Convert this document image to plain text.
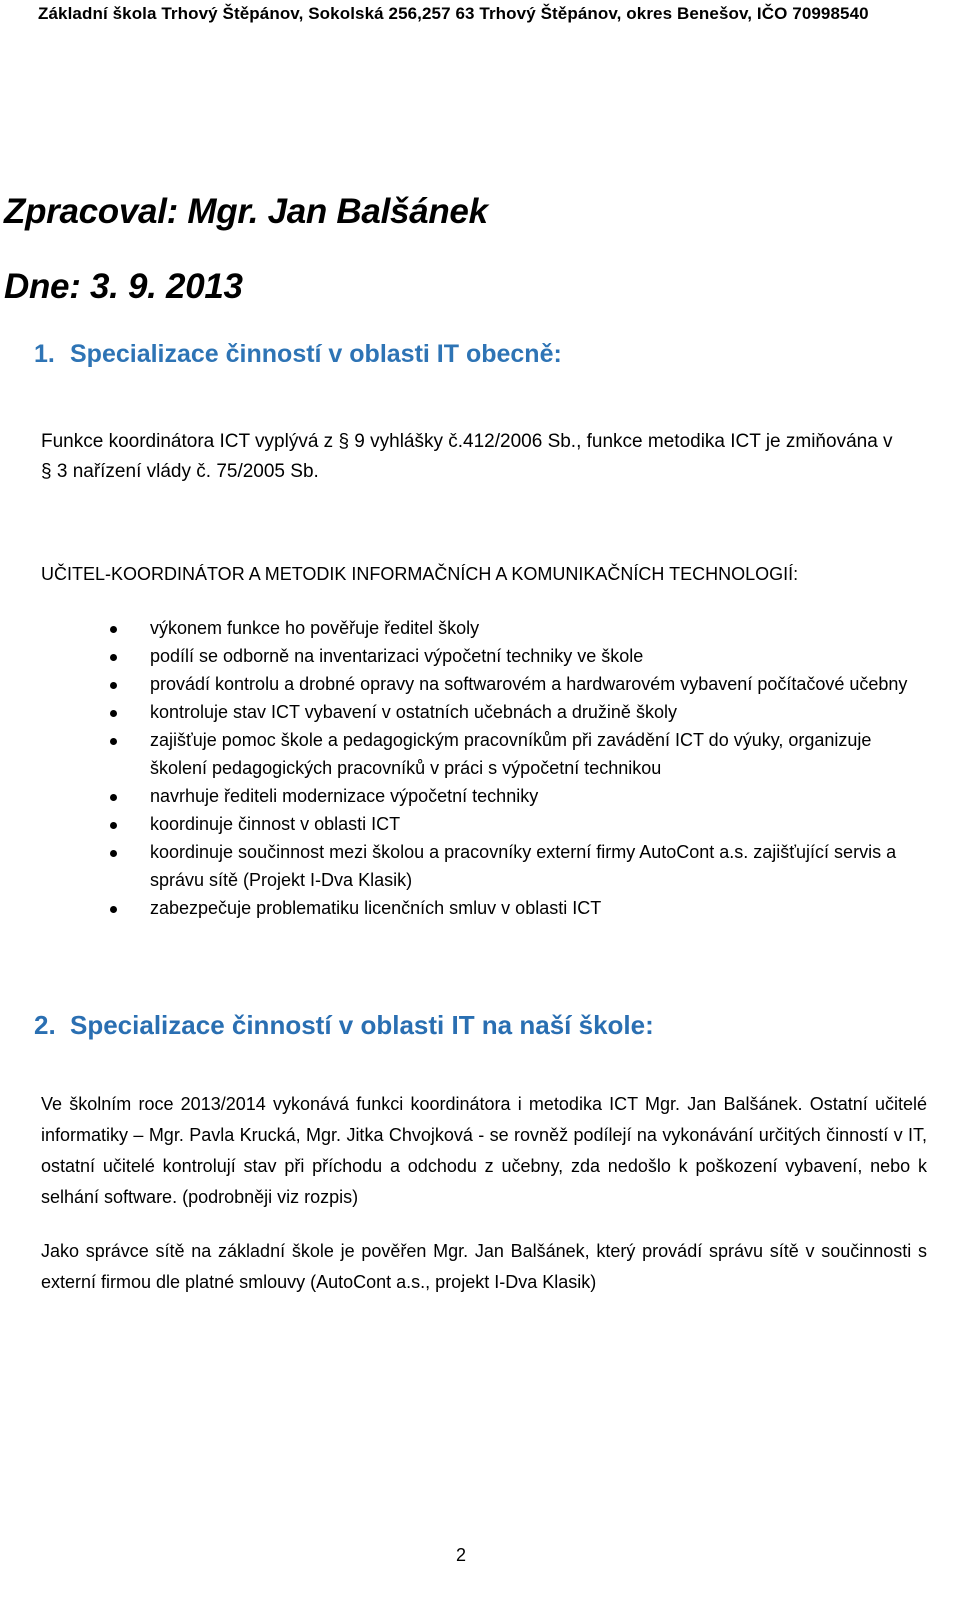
Základní škola Trhový Štěpánov, Sokolská 256,257 63 Trhový Štěpánov, okres Benešov, IČO 70998540
Zpracoval: Mgr. Jan Balšánek
Dne: 3. 9. 2013
1. Specializace činností v oblasti IT obecně:
Funkce koordinátora ICT vyplývá z § 9 vyhlášky č.412/2006 Sb., funkce metodika ICT je zmiňována v § 3 nařízení vlády č. 75/2005 Sb.
UČITEL-KOORDINÁTOR A METODIK INFORMAČNÍCH A KOMUNIKAČNÍCH TECHNOLOGIÍ:
výkonem funkce ho pověřuje ředitel školy
podílí se odborně na inventarizaci výpočetní techniky ve škole
provádí kontrolu a drobné opravy na softwarovém a hardwarovém vybavení počítačové učebny
kontroluje stav ICT vybavení v ostatních učebnách a družině školy
zajišťuje pomoc škole a pedagogickým pracovníkům při zavádění ICT do výuky, organizuje školení pedagogických pracovníků v práci s výpočetní technikou
navrhuje řediteli modernizace výpočetní techniky
koordinuje činnost v oblasti ICT
koordinuje součinnost mezi školou a pracovníky externí firmy AutoCont a.s. zajišťující servis a správu sítě (Projekt I-Dva Klasik)
zabezpečuje problematiku licenčních smluv v oblasti ICT
2. Specializace činností v oblasti IT na naší škole:

Ve školním roce 2013/2014 vykonává funkci koordinátora i metodika ICT Mgr. Jan Balšánek. Ostatní učitelé informatiky – Mgr. Pavla Krucká, Mgr. Jitka Chvojková - se rovněž podílejí na vykonávání určitých činností v IT, ostatní učitelé kontrolují stav při příchodu a odchodu z učebny, zda nedošlo k poškození vybavení, nebo k selhání software. (podrobněji viz rozpis)

Jako správce sítě na základní škole je pověřen Mgr. Jan Balšánek, který provádí správu sítě v součinnosti s externí firmou dle platné smlouvy (AutoCont a.s., projekt I-Dva Klasik)

2
